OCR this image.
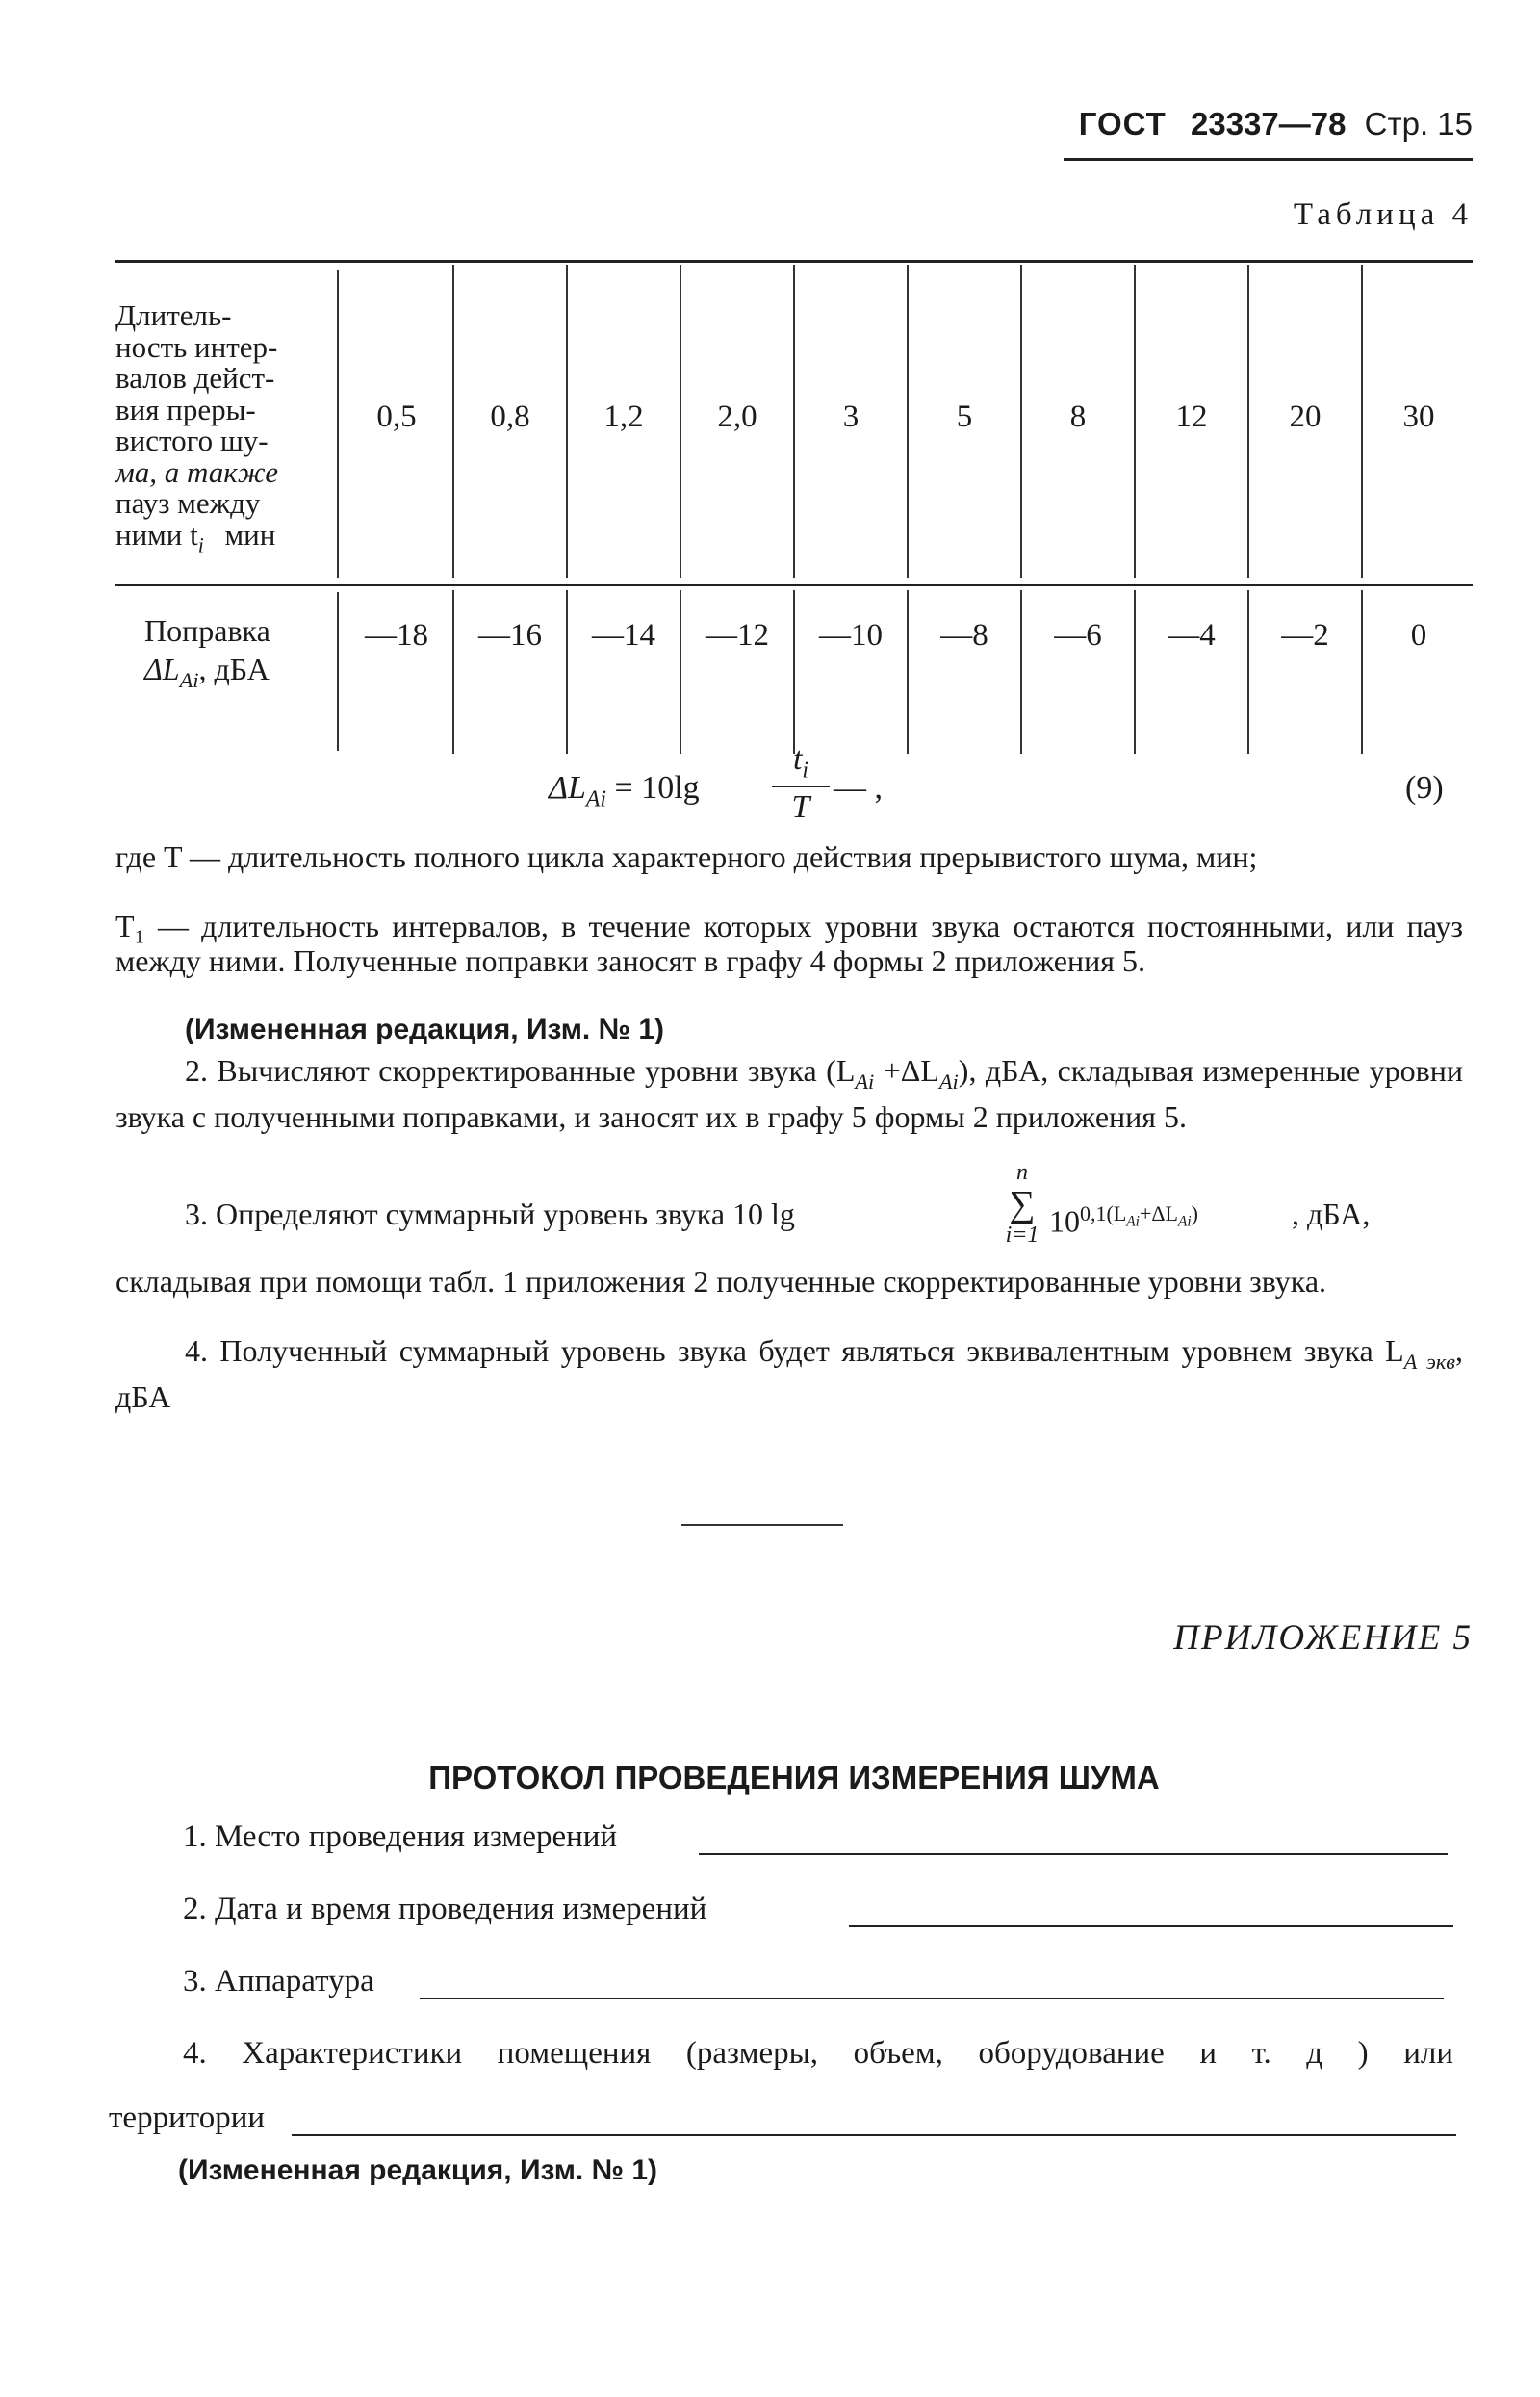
ГОСТ 23337—78 Стр. 15
Таблица 4
Длитель-
ность интер-
валов дейст-
вия преры-
вистого шу-
ма, а также
пауз между
ними $t_i$ мин
Поправка
$\Delta L_{Ai}$, дБА
0,5
—18
0,8
—16
1,2
—14
2,0
—12
3
—10
5
—8
8
—6
12
—4
20
—2
30
0
$\Delta L_{Ai} = 10\lg$
$t_i$
T
— ,	(9)
где T — длительность полного цикла характерного действия прерывистого шума, мин;
T₁ — длительность интервалов, в течение которых уровни звука остаются постоянными, или пауз между ними. Полученные поправки заносят в графу 4 формы 2 приложения 5.
(Измененная редакция, Изм. № 1)
2. Вычисляют скорректированные уровни звука $(L_{Ai} +\Delta L_{Ai})$, дБА, складывая измеренные уровни звука с полученными поправками, и заносят их в графу 5 формы 2 приложения 5.
3. Определяют суммарный уровень звука 10 lg
n
∑
i=1 $10^{0,1(L_{Ai}+\Delta L_{Ai})}$	, дБА,
складывая при помощи табл. 1 приложения 2 полученные скорректированные уровни звука.
4. Полученный суммарный уровень звука будет являться эквивалентным уровнем звука $L_{A экв}$, дБА
ПРИЛОЖЕНИЕ 5
ПРОТОКОЛ ПРОВЕДЕНИЯ ИЗМЕРЕНИЯ ШУМА
1. Место проведения измерений
2. Дата и время проведения измерений
3. Аппаратура
4. Характеристики помещения (размеры, объем, оборудование и т. д ) или
территории
(Измененная редакция, Изм. № 1)
